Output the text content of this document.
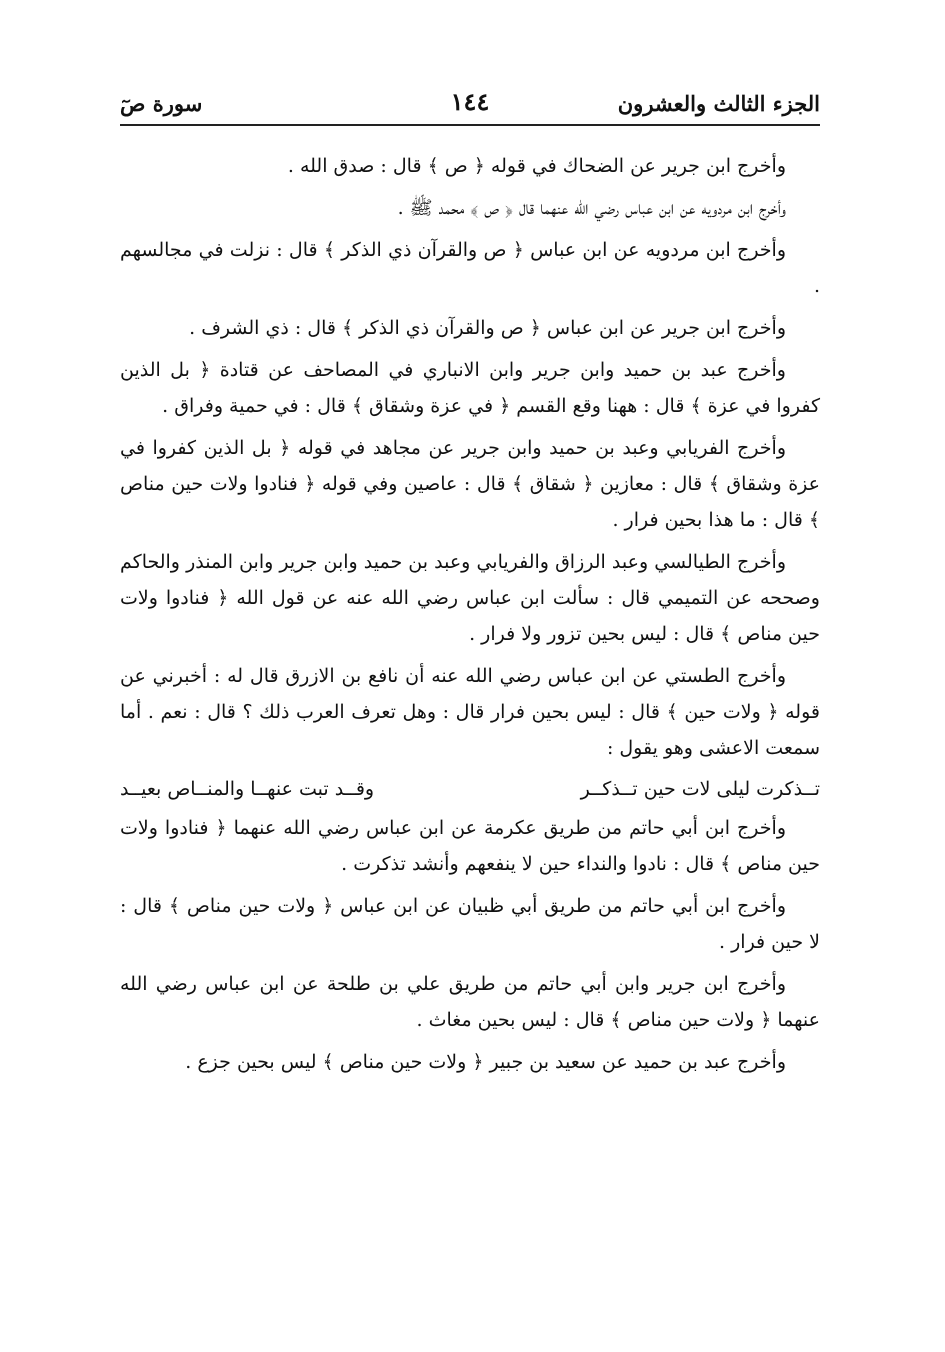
الجزء الثالث والعشرون
١٤٤
سورة صٓ

وأخرج ابن جرير عن الضحاك في قوله ﴿ ص ﴾ قال : صدق الله .

وأخرج ابن مردويه عن ابن عباس رضي الله عنهما قال ﴿ ص ﴾ محمد ﷺ .

وأخرج ابن مردويه عن ابن عباس ﴿ ص والقرآن ذي الذكر ﴾ قال : نزلت في مجالسهم .

وأخرج ابن جرير عن ابن عباس ﴿ ص والقرآن ذي الذكر ﴾ قال : ذي الشرف .

وأخرج عبد بن حميد وابن جرير وابن الانباري في المصاحف عن قتادة ﴿ بل الذين كفروا في عزة ﴾ قال : ههنا وقع القسم ﴿ في عزة وشقاق ﴾ قال : في حمية وفراق .

وأخرج الفريابي وعبد بن حميد وابن جرير عن مجاهد في قوله ﴿ بل الذين كفروا في عزة وشقاق ﴾ قال : معازين ﴿ شقاق ﴾ قال : عاصين وفي قوله ﴿ فنادوا ولات حين مناص ﴾ قال : ما هذا بحين فرار .

وأخرج الطيالسي وعبد الرزاق والفريابي وعبد بن حميد وابن جرير وابن المنذر والحاكم وصححه عن التميمي قال : سألت ابن عباس رضي الله عنه عن قول الله ﴿ فنادوا ولات حين مناص ﴾ قال : ليس بحين تزور ولا فرار .

وأخرج الطستي عن ابن عباس رضي الله عنه أن نافع بن الازرق قال له : أخبرني عن قوله ﴿ ولات حين ﴾ قال : ليس بحين فرار قال : وهل تعرف العرب ذلك ؟ قال : نعم . أما سمعت الاعشى وهو يقول :

تــذكرت ليلى لات حين تــذكــر
وقــد تبت عنهــا والمنــاص بعيــد

وأخرج ابن أبي حاتم من طريق عكرمة عن ابن عباس رضي الله عنهما ﴿ فنادوا ولات حين مناص ﴾ قال : نادوا والنداء حين لا ينفعهم وأنشد تذكرت .

وأخرج ابن أبي حاتم من طريق أبي ظبيان عن ابن عباس ﴿ ولات حين مناص ﴾ قال : لا حين فرار .

وأخرج ابن جرير وابن أبي حاتم من طريق علي بن طلحة عن ابن عباس رضي الله عنهما ﴿ ولات حين مناص ﴾ قال : ليس بحين مغاث .

وأخرج عبد بن حميد عن سعيد بن جبير ﴿ ولات حين مناص ﴾ ليس بحين جزع .
